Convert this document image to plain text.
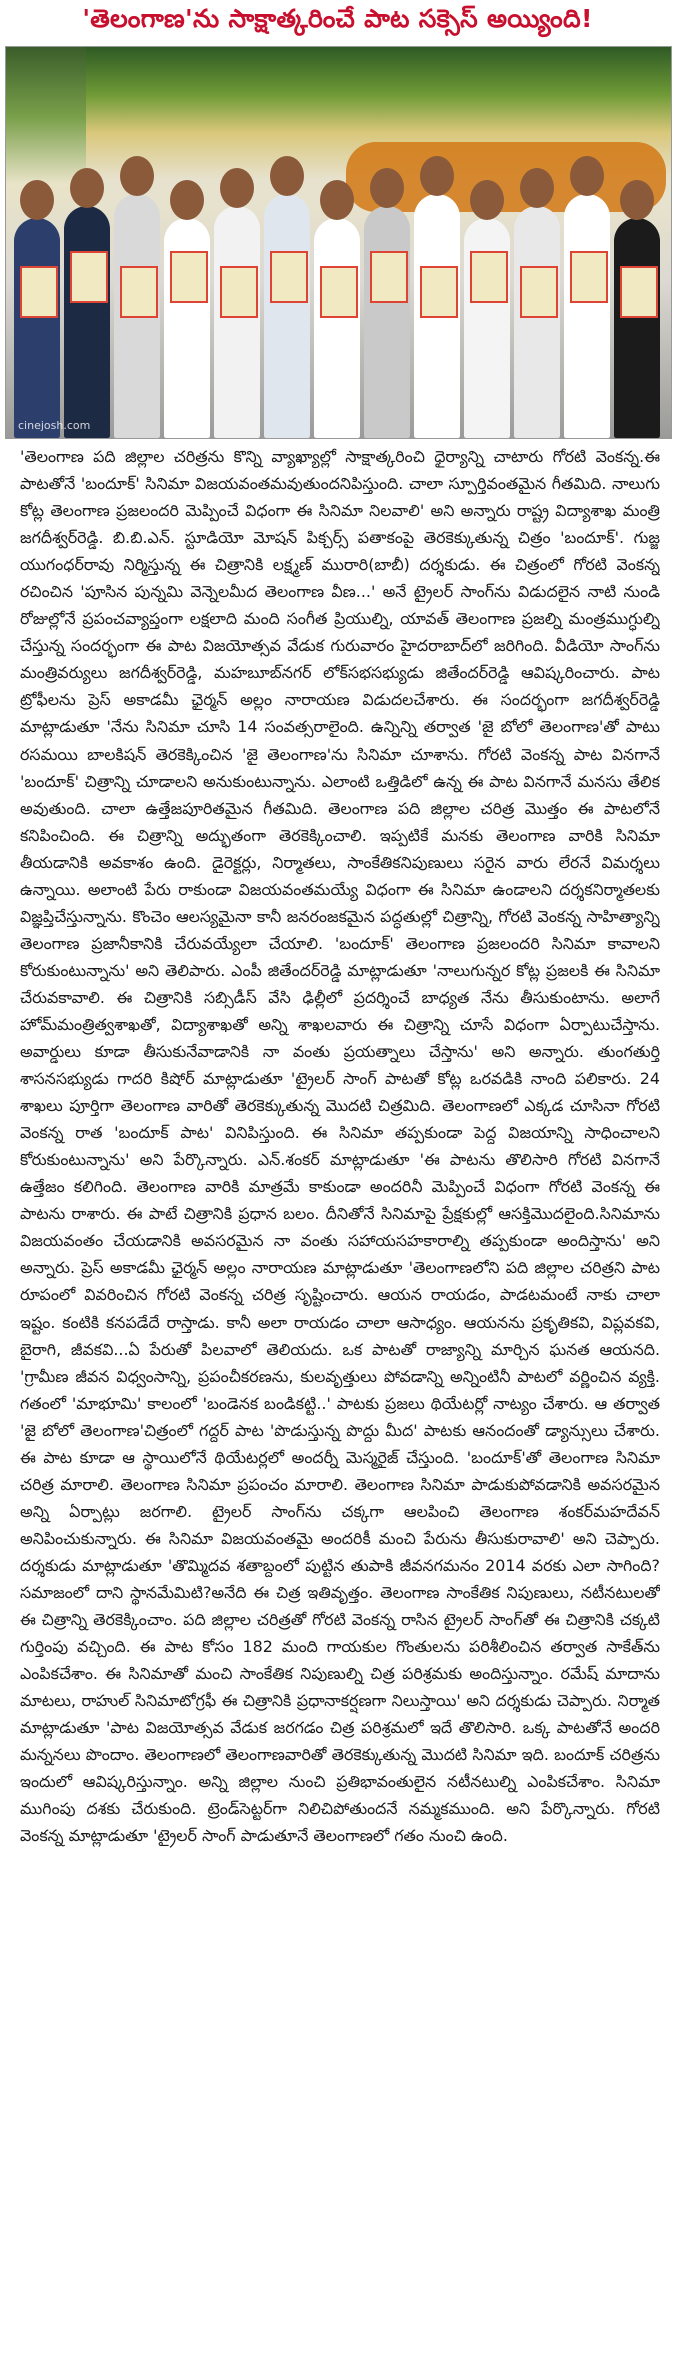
'తెలంగాణ'ను సాక్షాత్కరించే పాట సక్సెస్ అయ్యింది!
cinejosh.com

'తెలంగాణ పది జిల్లాల చరిత్రను కొన్ని వ్యాఖ్యాల్లో సాక్షాత్కరించి ధైర్యాన్ని చాటారు గోరటి వెంకన్న.ఈ పాటతోనే 'బందూక్' సినిమా విజయవంతమవుతుందనిపిస్తుంది. చాలా స్పూర్తివంతమైన గీతమిది. నాలుగు కోట్ల తెలంగాణ ప్రజలందరి మెప్పించే విధంగా ఈ సినిమా నిలవాలి' అని అన్నారు రాష్ట్ర విద్యాశాఖ మంత్రి జగదీశ్వర్‌రెడ్డి. బి.బి.ఎన్. స్టూడియో మోషన్ పిక్చర్స్ పతాకంపై తెరకెక్కుతున్న చిత్రం 'బందూక్'. గుజ్జ యుగంధర్‌రావు నిర్మిస్తున్న ఈ చిత్రానికి లక్ష్మణ్ మురారి(బాబీ) దర్శకుడు. ఈ చిత్రంలో గోరటి వెంకన్న రచించిన 'పూసిన పున్నమి వెన్నెలమీద తెలంగాణ వీణ...' అనే ట్రైలర్ సాంగ్‌ను విడుదలైన నాటి నుండి రోజుల్లోనే ప్రపంచవ్యాప్తంగా లక్షలాది మంది సంగీత ప్రియుల్ని, యావత్ తెలంగాణ ప్రజల్ని మంత్రముగ్ధుల్ని చేస్తున్న సందర్భంగా ఈ పాట విజయోత్సవ వేడుక గురువారం హైదరాబాద్‌లో జరిగింది. వీడియో సాంగ్‌ను మంత్రివర్యులు జగదీశ్వర్‌రెడ్డి, మహబూబ్‌నగర్ లోక్‌సభసభ్యుడు జితేందర్‌రెడ్డి ఆవిష్కరించారు. పాట ట్రోఫీలను ప్రెస్ అకాడమీ ఛైర్మన్ అల్లం నారాయణ విడుదలచేశారు. ఈ సందర్భంగా జగదీశ్వర్‌రెడ్డి మాట్లాడుతూ 'నేను సినిమా చూసి 14 సంవత్సరాలైంది. ఉన్నిన్ని తర్వాత 'జై బోలో తెలంగాణ'తో పాటు రసమయి బాలకిషన్ తెరకెక్కించిన 'జై తెలంగాణ'ను సినిమా చూశాను. గోరటి వెంకన్న పాట వినగానే 'బందూక్' చిత్రాన్ని చూడాలని అనుకుంటున్నాను. ఎలాంటి ఒత్తిడిలో ఉన్న ఈ పాట వినగానే మనసు తేలిక అవుతుంది. చాలా ఉత్తేజపూరితమైన గీతమిది. తెలంగాణ పది జిల్లాల చరిత్ర మొత్తం ఈ పాటలోనే కనిపించింది. ఈ చిత్రాన్ని అద్భుతంగా తెరకెక్కించాలి. ఇప్పటికే మనకు తెలంగాణ వారికి సినిమా తీయడానికి అవకాశం ఉంది. డైరెక్టర్లు, నిర్మాతలు, సాంకేతికనిపుణులు సరైన వారు లేరనే విమర్శలు ఉన్నాయి. అలాంటి పేరు రాకుండా విజయవంతమయ్యే విధంగా ఈ సినిమా ఉండాలని దర్శకనిర్మాతలకు విజ్ఞప్తిచేస్తున్నాను. కొంచెం ఆలస్యమైనా కానీ జనరంజకమైన పద్ధతుల్లో చిత్రాన్ని, గోరటి వెంకన్న సాహిత్యాన్ని తెలంగాణ ప్రజానీకానికి చేరువయ్యేలా చేయాలి. 'బందూక్' తెలంగాణ ప్రజలందరి సినిమా కావాలని కోరుకుంటున్నాను' అని తెలిపారు. ఎంపీ జితేందర్‌రెడ్డి మాట్లాడుతూ 'నాలుగున్నర కోట్ల ప్రజలకి ఈ సినిమా చేరువకావాలి. ఈ చిత్రానికి సబ్సిడీస్ వేసి ఢిల్లీలో ప్రదర్శించే బాధ్యత నేను తీసుకుంటాను. అలాగే హోమ్‌మంత్రిత్వశాఖతో, విద్యాశాఖతో అన్ని శాఖలవారు ఈ చిత్రాన్ని చూసే విధంగా ఏర్పాటుచేస్తాను. అవార్డులు కూడా తీసుకునేవాడానికి నా వంతు ప్రయత్నాలు చేస్తాను' అని అన్నారు. తుంగతుర్తి శాసనసభ్యుడు గాదరి కిషోర్ మాట్లాడుతూ 'ట్రైలర్ సాంగ్ పాటతో కోట్ల ఒరవడికి నాంది పలికారు. 24 శాఖలు పూర్తిగా తెలంగాణ వారితో తెరకెక్కుతున్న మొదటి చిత్రమిది. తెలంగాణలో ఎక్కడ చూసినా గోరటి వెంకన్న రాత 'బందూక్ పాట' వినిపిస్తుంది. ఈ సినిమా తప్పకుండా పెద్ద విజయాన్ని సాధించాలని కోరుకుంటున్నాను' అని పేర్కొన్నారు. ఎన్.శంకర్ మాట్లాడుతూ 'ఈ పాటను తొలిసారి గోరటి వినగానే ఉత్తేజం కలిగింది. తెలంగాణ వారికి మాత్రమే కాకుండా అందరినీ మెప్పించే విధంగా గోరటి వెంకన్న ఈ పాటను రాశారు. ఈ పాటే చిత్రానికి ప్రధాన బలం. దీనితోనే సినిమాపై ప్రేక్షకుల్లో ఆసక్తిమొదలైంది.సినిమాను విజయవంతం చేయడానికి అవసరమైన నా వంతు సహాయసహకారాల్ని తప్పకుండా అందిస్తాను' అని అన్నారు. ప్రెస్ అకాడమీ ఛైర్మన్ అల్లం నారాయణ మాట్లాడుతూ 'తెలంగాణలోని పది జిల్లాల చరిత్రని పాట రూపంలో వివరించిన గోరటి వెంకన్న చరిత్ర సృష్టించారు. ఆయన రాయడం, పాడటమంటే నాకు చాలా ఇష్టం. కంటికి కనపడేదే రాస్తాడు. కానీ అలా రాయడం చాలా ఆసాధ్యం. ఆయనను ప్రకృతికవి, విప్లవకవి, బైరాగి, జీవకవి...ఏ పేరుతో పిలవాలో తెలియదు. ఒక పాటతో రాజ్యాన్ని మార్చిన ఘనత ఆయనది. 'గ్రామీణ జీవన విధ్వంసాన్ని, ప్రపంచీకరణను, కులవృత్తులు పోవడాన్ని అన్నింటినీ పాటలో వర్ణించిన వ్యక్తి. గతంలో 'మాభూమి' కాలంలో 'బండెనక బండికట్టి..' పాటకు ప్రజలు థియేటర్లో నాట్యం చేశారు. ఆ తర్వాత 'జై బోలో తెలంగాణ'చిత్రంలో గద్దర్ పాట 'పొడుస్తున్న పొద్దు మీద' పాటకు ఆనందంతో డ్యాన్సులు చేశారు. ఈ పాట కూడా ఆ స్థాయిలోనే థియేటర్లలో అందర్నీ మెస్మరైజ్ చేస్తుంది. 'బందూక్'తో తెలంగాణ సినిమా చరిత్ర మారాలి. తెలంగాణ సినిమా ప్రపంచం మారాలి. తెలంగాణ సినిమా పాడుకుపోవడానికి అవసరమైన అన్ని ఏర్పాట్లు జరగాలి. ట్రైలర్ సాంగ్‌ను చక్కగా ఆలపించి తెలంగాణ శంకర్‌మహదేవన్ అనిపించుకున్నారు. ఈ సినిమా విజయవంతమై అందరికీ మంచి పేరును తీసుకురావాలి' అని చెప్పారు. దర్శకుడు మాట్లాడుతూ 'తొమ్మిదవ శతాబ్దంలో పుట్టిన తుపాకి జీవనగమనం 2014 వరకు ఎలా సాగింది? సమాజంలో దాని స్థానమేమిటి?అనేది ఈ చిత్ర ఇతివృత్తం. తెలంగాణ సాంకేతిక నిపుణులు, నటీనటులతో ఈ చిత్రాన్ని తెరకెక్కించాం. పది జిల్లాల చరిత్రతో గోరటి వెంకన్న రాసిన ట్రైలర్ సాంగ్‌తో ఈ చిత్రానికి చక్కటి గుర్తింపు వచ్చింది. ఈ పాట కోసం 182 మంది గాయకుల గొంతులను పరిశీలించిన తర్వాత సాకేత్‌ను ఎంపికచేశాం. ఈ సినిమాతో మంచి సాంకేతిక నిపుణుల్ని చిత్ర పరిశ్రమకు అందిస్తున్నాం. రమేష్ మాదాను మాటలు, రాహుల్ సినిమాటోగ్రఫీ ఈ చిత్రానికి ప్రధానాకర్షణగా నిలుస్తాయి' అని దర్శకుడు చెప్పారు. నిర్మాత మాట్లాడుతూ 'పాట విజయోత్సవ వేడుక జరగడం చిత్ర పరిశ్రమలో ఇదే తొలిసారి. ఒక్క పాటతోనే అందరి మన్ననలు పొందాం. తెలంగాణలో తెలంగాణవారితో తెరకెక్కుతున్న మొదటి సినిమా ఇది. బందూక్ చరిత్రను ఇందులో ఆవిష్కరిస్తున్నాం. అన్ని జిల్లాల నుంచి ప్రతిభావంతులైన నటీనటుల్ని ఎంపికచేశాం. సినిమా ముగింపు దశకు చేరుకుంది. ట్రెండ్‌సెట్టర్‌గా నిలిచిపోతుందనే నమ్మకముంది. అని పేర్కొన్నారు. గోరటి వెంకన్న మాట్లాడుతూ 'ట్రైలర్ సాంగ్ పాడుతూనే తెలంగాణలో గతం నుంచి ఉంది.
